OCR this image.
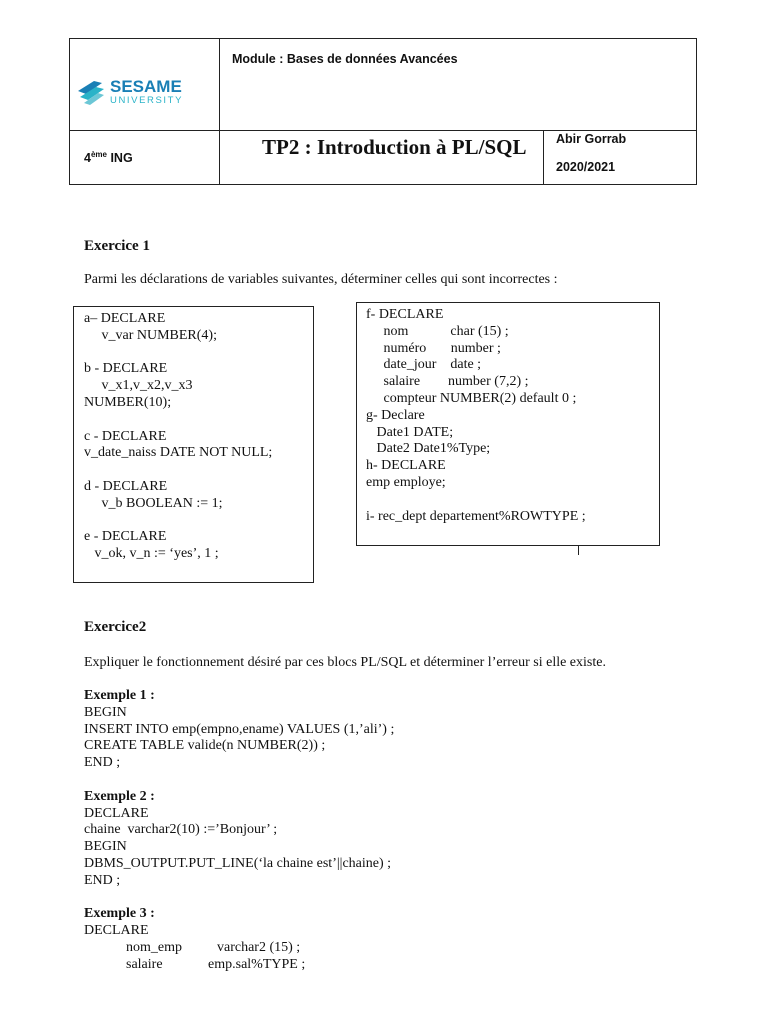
SESAME
UNIVERSITY
Module : Bases de données Avancées
4ème ING	TP2 : Introduction à PL/SQL Abir Gorrab
2020/2021
Exercice 1
Parmi les déclarations de variables suivantes, déterminer celles qui sont incorrectes :
a– DECLARE
v_var NUMBER(4);
b - DECLARE
v_x1,v_x2,v_x3
NUMBER(10);
c - DECLARE
v_date_naiss DATE NOT NULL;
d - DECLARE
v_b BOOLEAN := 1;
e - DECLARE
v_ok, v_n := ‘yes’, 1 ;
f- DECLARE
nom            char (15) ;
numéro       number ;
date_jour    date ;
salaire        number (7,2) ;
compteur NUMBER(2) default 0 ;
g- Declare
Date1 DATE;
Date2 Date1%Type;
h- DECLARE
emp employe;
i- rec_dept departement%ROWTYPE ;
Exercice2
Expliquer le fonctionnement désiré par ces blocs PL/SQL et déterminer l’erreur si elle existe.
Exemple 1 :
BEGIN
INSERT INTO emp(empno,ename) VALUES (1,’ali’) ;
CREATE TABLE valide(n NUMBER(2)) ;
END ;
Exemple 2 :
DECLARE
chaine  varchar2(10) :=’Bonjour’ ;
BEGIN
DBMS_OUTPUT.PUT_LINE(‘la chaine est’||chaine) ;
END ;
Exemple 3 :
DECLARE
nom_emp          varchar2 (15) ;
salaire             emp.sal%TYPE ;
